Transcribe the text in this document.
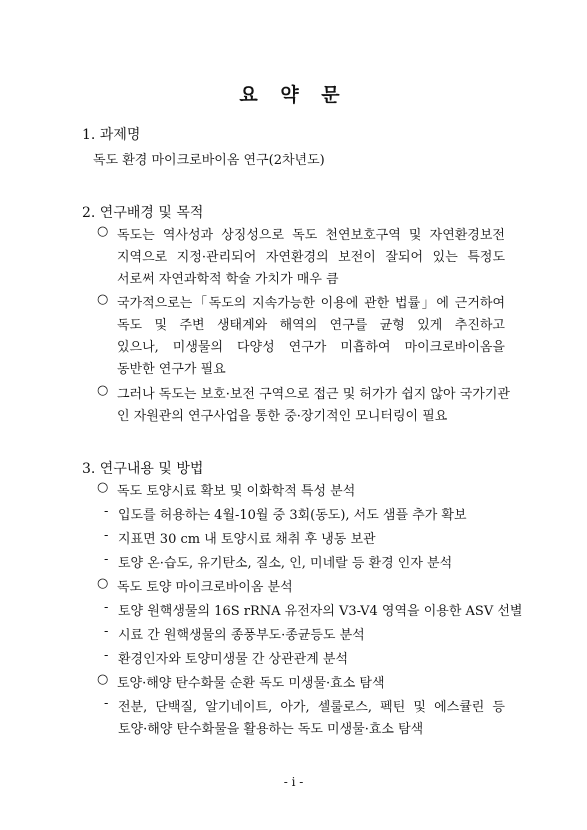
요 약 문
1. 과제명
독도 환경 마이크로바이옴 연구(2차년도)
2. 연구배경 및 목적
○ 독도는 역사성과 상징성으로 독도 천연보호구역 및 자연환경보전
지역으로 지정·관리되어 자연환경의 보전이 잘되어 있는 특정도
서로써 자연과학적 학술 가치가 매우 큼
○ 국가적으로는「독도의 지속가능한 이용에 관한 법률」에 근거하여
독도 및 주변 생태계와 해역의 연구를 균형 있게 추진하고
있으나, 미생물의 다양성 연구가 미흡하여 마이크로바이옴을
동반한 연구가 필요
○ 그러나 독도는 보호·보전 구역으로 접근 및 허가가 쉽지 않아 국가기관
인 자원관의 연구사업을 통한 중·장기적인 모니터링이 필요
3. 연구내용 및 방법
○ 독도 토양시료 확보 및 이화학적 특성 분석
- 입도를 허용하는 4월-10월 중 3회(동도), 서도 샘플 추가 확보
- 지표면 30 cm 내 토양시료 채취 후 냉동 보관
- 토양 온·습도, 유기탄소, 질소, 인, 미네랄 등 환경 인자 분석
○ 독도 토양 마이크로바이옴 분석
- 토양 원핵생물의 16S rRNA 유전자의 V3-V4 영역을 이용한 ASV 선별
- 시료 간 원핵생물의 종풍부도·종균등도 분석
- 환경인자와 토양미생물 간 상관관계 분석
○ 토양·해양 탄수화물 순환 독도 미생물·효소 탐색
- 전분, 단백질, 알기네이트, 아가, 셀룰로스, 펙틴 및 에스큘린 등
토양·해양 탄수화물을 활용하는 독도 미생물·효소 탐색
- i -
